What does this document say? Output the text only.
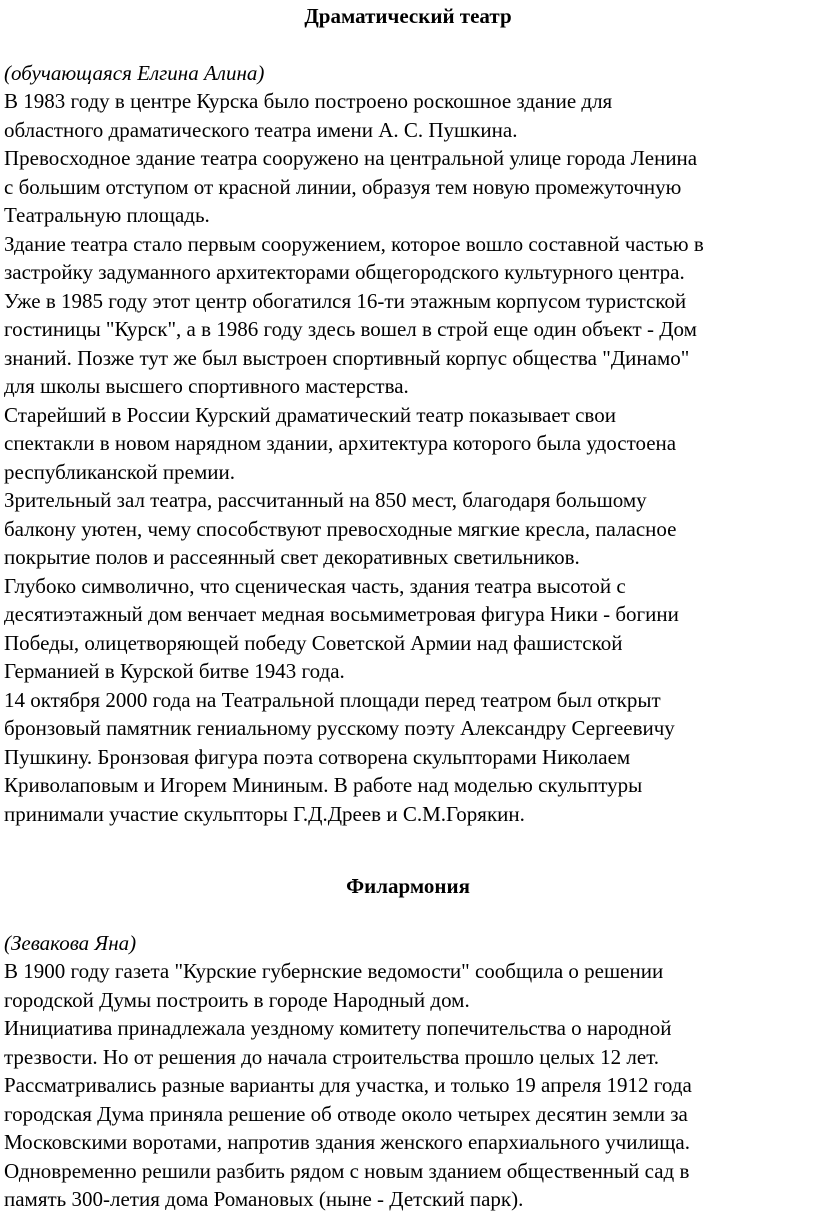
Драматический театр
(обучающаяся Елгина Алина)

В 1983 году в центре Курска было построено роскошное здание для

областного драматического театра имени А. С. Пушкина.

Превосходное здание театра сооружено на центральной улице города Ленина

с большим отступом от красной линии, образуя тем новую промежуточную

Театральную площадь.

Здание театра стало первым сооружением, которое вошло составной частью в

застройку задуманного архитекторами общегородского культурного центра.

Уже в 1985 году этот центр обогатился 16-ти этажным корпусом туристской

гостиницы "Курск", а в 1986 году здесь вошел в строй еще один объект - Дом

знаний. Позже тут же был выстроен спортивный корпус общества "Динамо"

для школы высшего спортивного мастерства.

Старейший в России Курский драматический театр показывает свои

спектакли в новом нарядном здании, архитектура которого была удостоена

республиканской премии.

Зрительный зал театра, рассчитанный на 850 мест, благодаря большому

балкону уютен, чему способствуют превосходные мягкие кресла, паласное

покрытие полов и рассеянный свет декоративных светильников.

Глубоко символично, что сценическая часть, здания театра высотой с

десятиэтажный дом венчает медная восьмиметровая фигура Ники - богини

Победы, олицетворяющей победу Советской Армии над фашистской

Германией в Курской битве 1943 года.

14 октября 2000 года на Театральной площади перед театром был открыт

бронзовый памятник гениальному русскому поэту Александру Сергеевичу

Пушкину. Бронзовая фигура поэта сотворена скульпторами Николаем

Криволаповым и Игорем Мининым. В работе над моделью скульптуры

принимали участие скульпторы Г.Д.Дреев и С.М.Горякин.

Филармония
(Зевакова Яна)

В 1900 году газета "Курские губернские ведомости" сообщила о решении

городской Думы построить в городе Народный дом.

Инициатива принадлежала уездному комитету попечительства о народной

трезвости. Но от решения до начала строительства прошло целых 12 лет.

Рассматривались разные варианты для участка, и только 19 апреля 1912 года

городская Дума приняла решение об отводе около четырех десятин земли за

Московскими воротами, напротив здания женского епархиального училища.

Одновременно решили разбить рядом с новым зданием общественный сад в

память 300-летия дома Романовых (ныне - Детский парк).
